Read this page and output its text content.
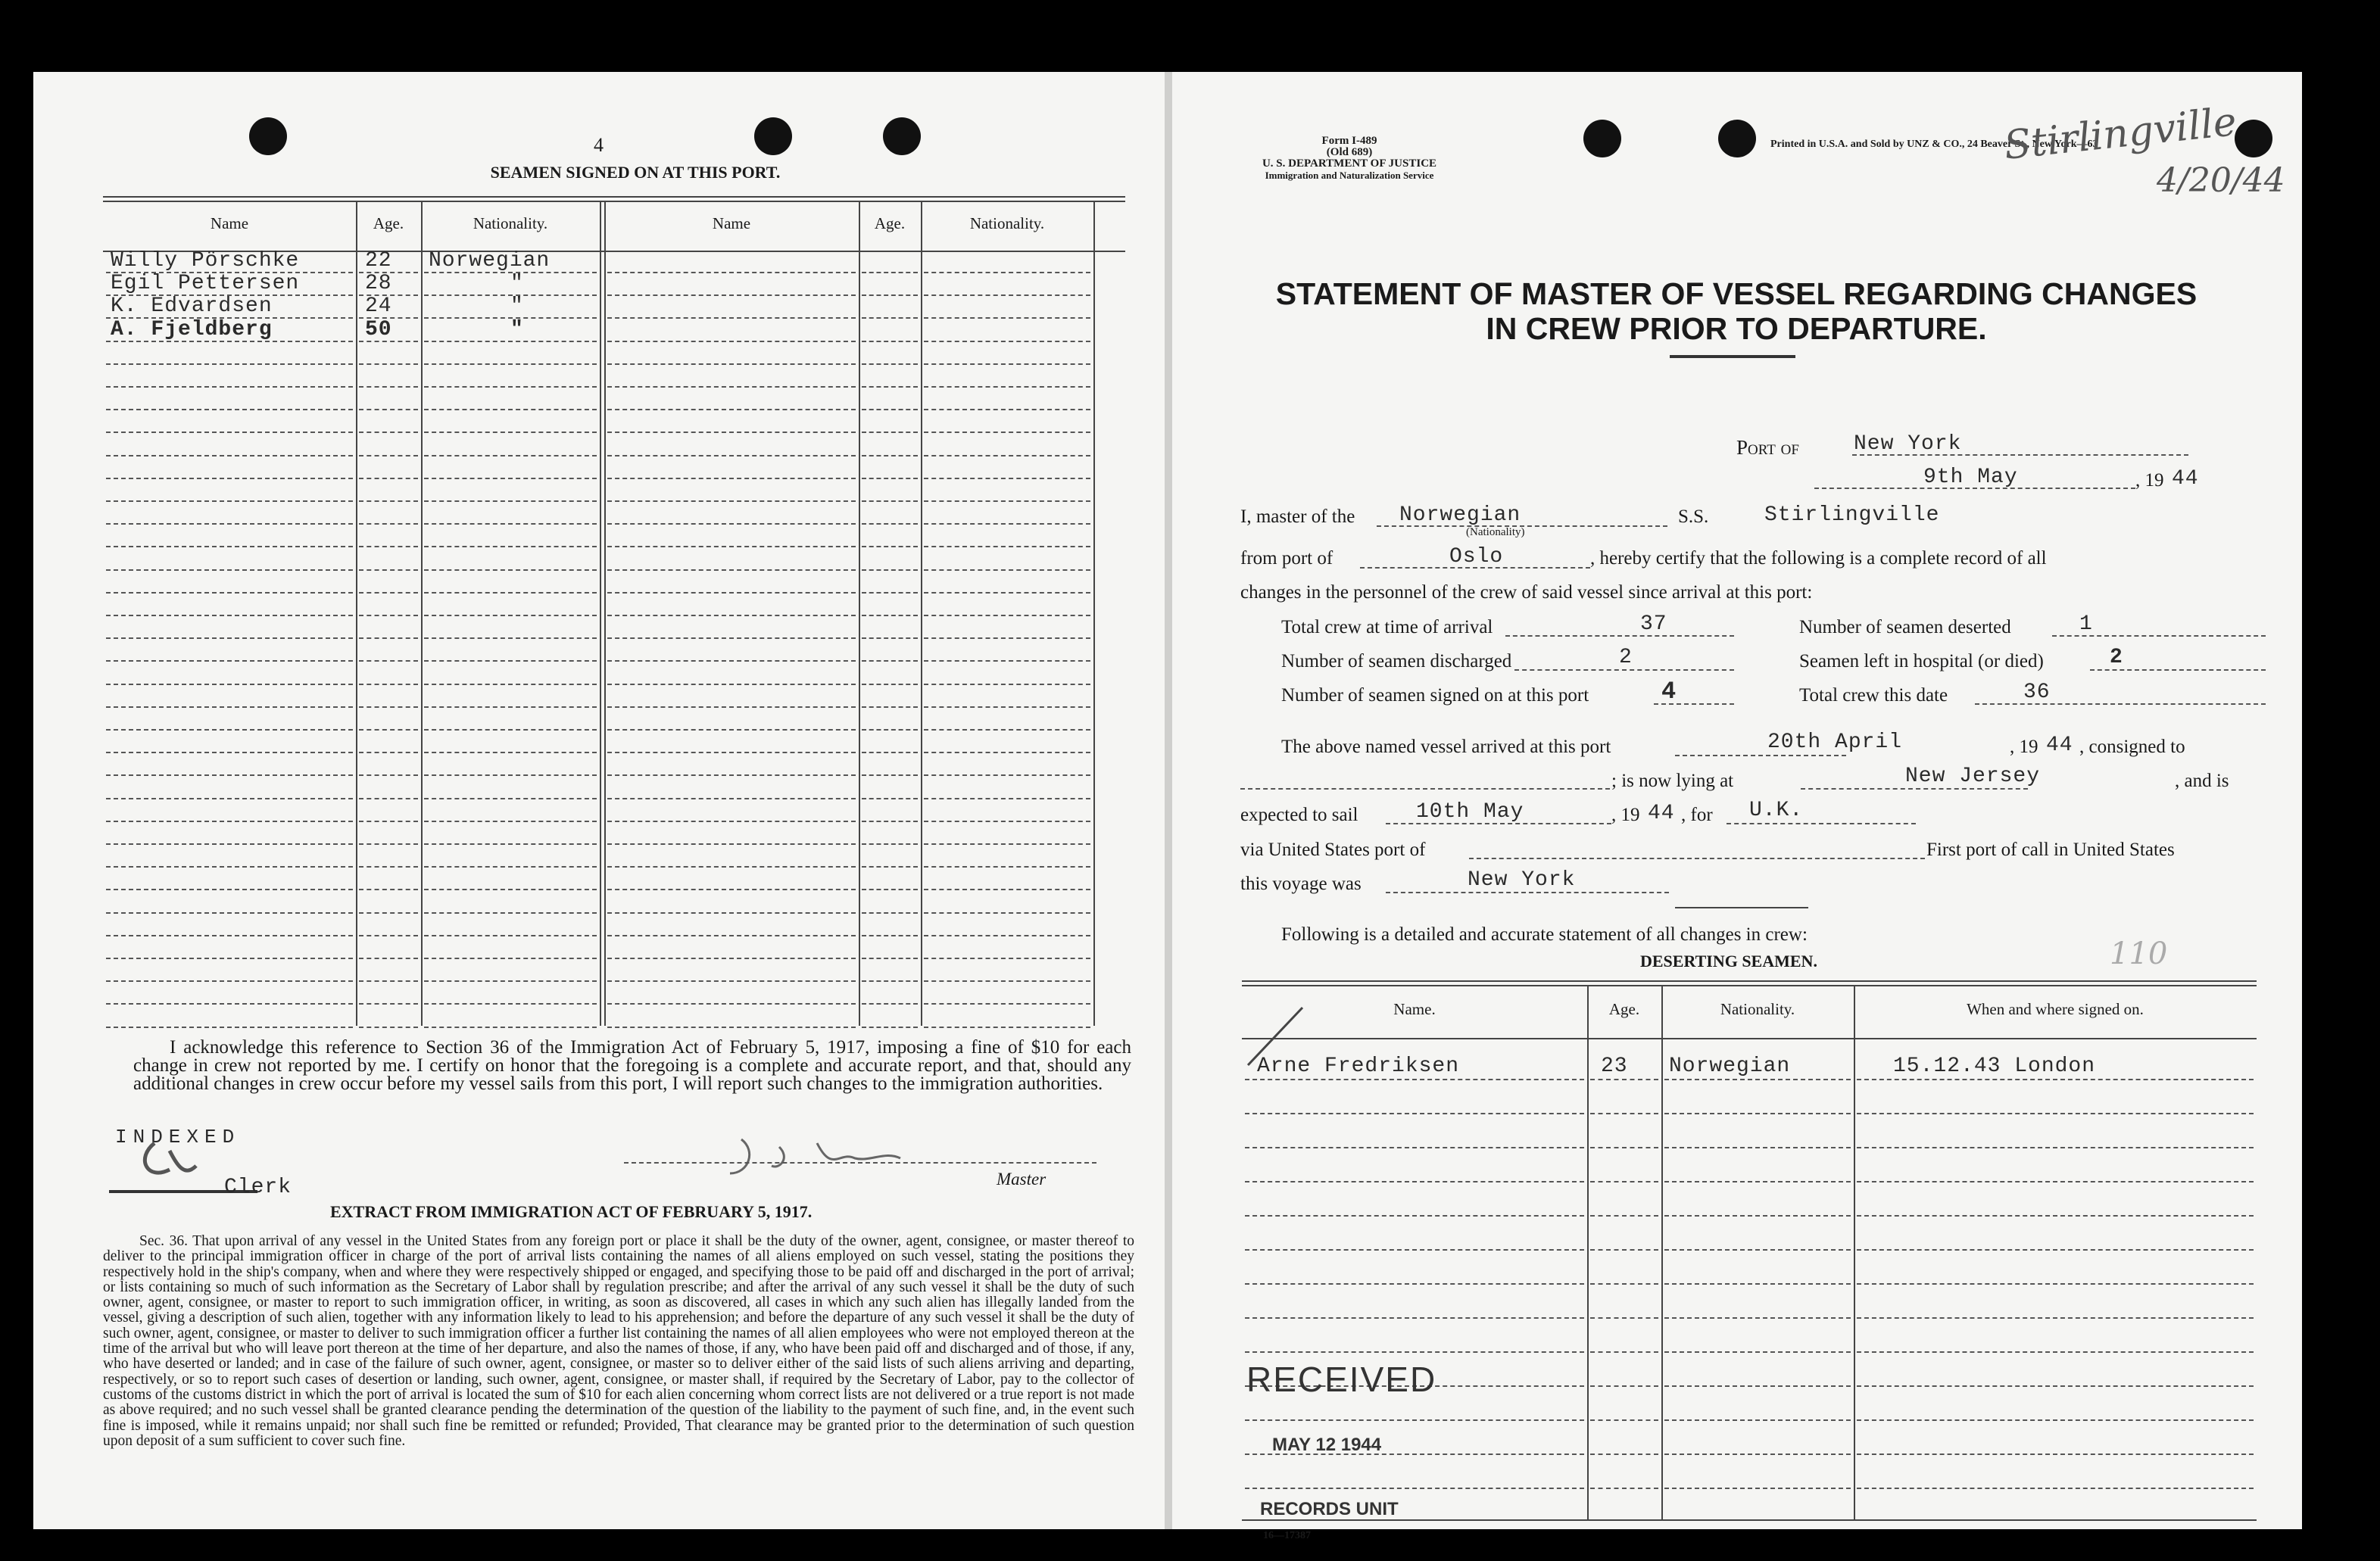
4
SEAMEN SIGNED ON AT THIS PORT.
Name	Age.	Nationality.	Name	Age.	Nationality.
Willy Pörschke	22 Norwegian
Egil Pettersen	28	"
K. Edvardsen	24	"
A. Fjeldberg	50	"
I acknowledge this reference to Section 36 of the Immigration Act of February 5, 1917, imposing a fine of $10 for each change in crew not reported by me. I certify on honor that the foregoing is a complete and accurate report, and that, should any additional changes in crew occur before my vessel sails from this port, I will report such changes to the immigration authorities.
INDEXED
Clerk	Master
EXTRACT FROM IMMIGRATION ACT OF FEBRUARY 5, 1917.
Sec. 36. That upon arrival of any vessel in the United States from any foreign port or place it shall be the duty of the owner, agent, consignee, or master thereof to deliver to the principal immigration officer in charge of the port of arrival lists containing the names of all aliens employed on such vessel, stating the positions they respectively hold in the ship's company, when and where they were respectively shipped or engaged, and specifying those to be paid off and discharged in the port of arrival; or lists containing so much of such information as the Secretary of Labor shall by regulation prescribe; and after the arrival of any such vessel it shall be the duty of such owner, agent, consignee, or master to report to such immigration officer, in writing, as soon as discovered, all cases in which any such alien has illegally landed from the vessel, giving a description of such alien, together with any information likely to lead to his apprehension; and before the departure of any such vessel it shall be the duty of such owner, agent, consignee, or master to deliver to such immigration officer a further list containing the names of all alien employees who were not employed thereon at the time of the arrival but who will leave port thereon at the time of her departure, and also the names of those, if any, who have been paid off and discharged and of those, if any, who have deserted or landed; and in case of the failure of such owner, agent, consignee, or master so to deliver either of the said lists of such aliens arriving and departing, respectively, or so to report such cases of desertion or landing, such owner, agent, consignee, or master shall, if required by the Secretary of Labor, pay to the collector of customs of the customs district in which the port of arrival is located the sum of $10 for each alien concerning whom correct lists are not delivered or a true report is not made as above required; and no such vessel shall be granted clearance pending the determination of the question of the liability to the payment of such fine, and, in the event such fine is imposed, while it remains unpaid; nor shall such fine be remitted or refunded; Provided, That clearance may be granted prior to the determination of such question upon deposit of a sum sufficient to cover such fine.
Form I-489
(Old 689)
U. S. DEPARTMENT OF JUSTICE
Immigration and Naturalization Service
Printed in U.S.A. and Sold by UNZ & CO., 24 Beaver St., New York—63
Stirlingville
4/20/44
STATEMENT OF MASTER OF VESSEL REGARDING CHANGES
IN CREW PRIOR TO DEPARTURE.
Port of	New York
9th May	, 19 44
I, master of the Norwegian
(Nationality)
S.S.	Stirlingville
from port of	Oslo	, hereby certify that the following is a complete record of all
changes in the personnel of the crew of said vessel since arrival at this port:
Total crew at time of arrival	37	Number of seamen deserted	1
Number of seamen discharged	2	Seamen left in hospital (or died)	2
Number of seamen signed on at this port	4	Total crew this date	36
The above named vessel arrived at this port	20th April	, 19 44 , consigned to
; is now lying at	New Jersey	, and is
expected to sail	10th May	, 19 44 , for U.K.
via United States port of	First port of call in United States
this voyage was	New York
Following is a detailed and accurate statement of all changes in crew:
DESERTING SEAMEN.	110
Name.	Age.	Nationality.	When and where signed on.
Arne Fredriksen	23 Norwegian	15.12.43 London
RECEIVED
MAY 12 1944
RECORDS UNIT
16—17387
